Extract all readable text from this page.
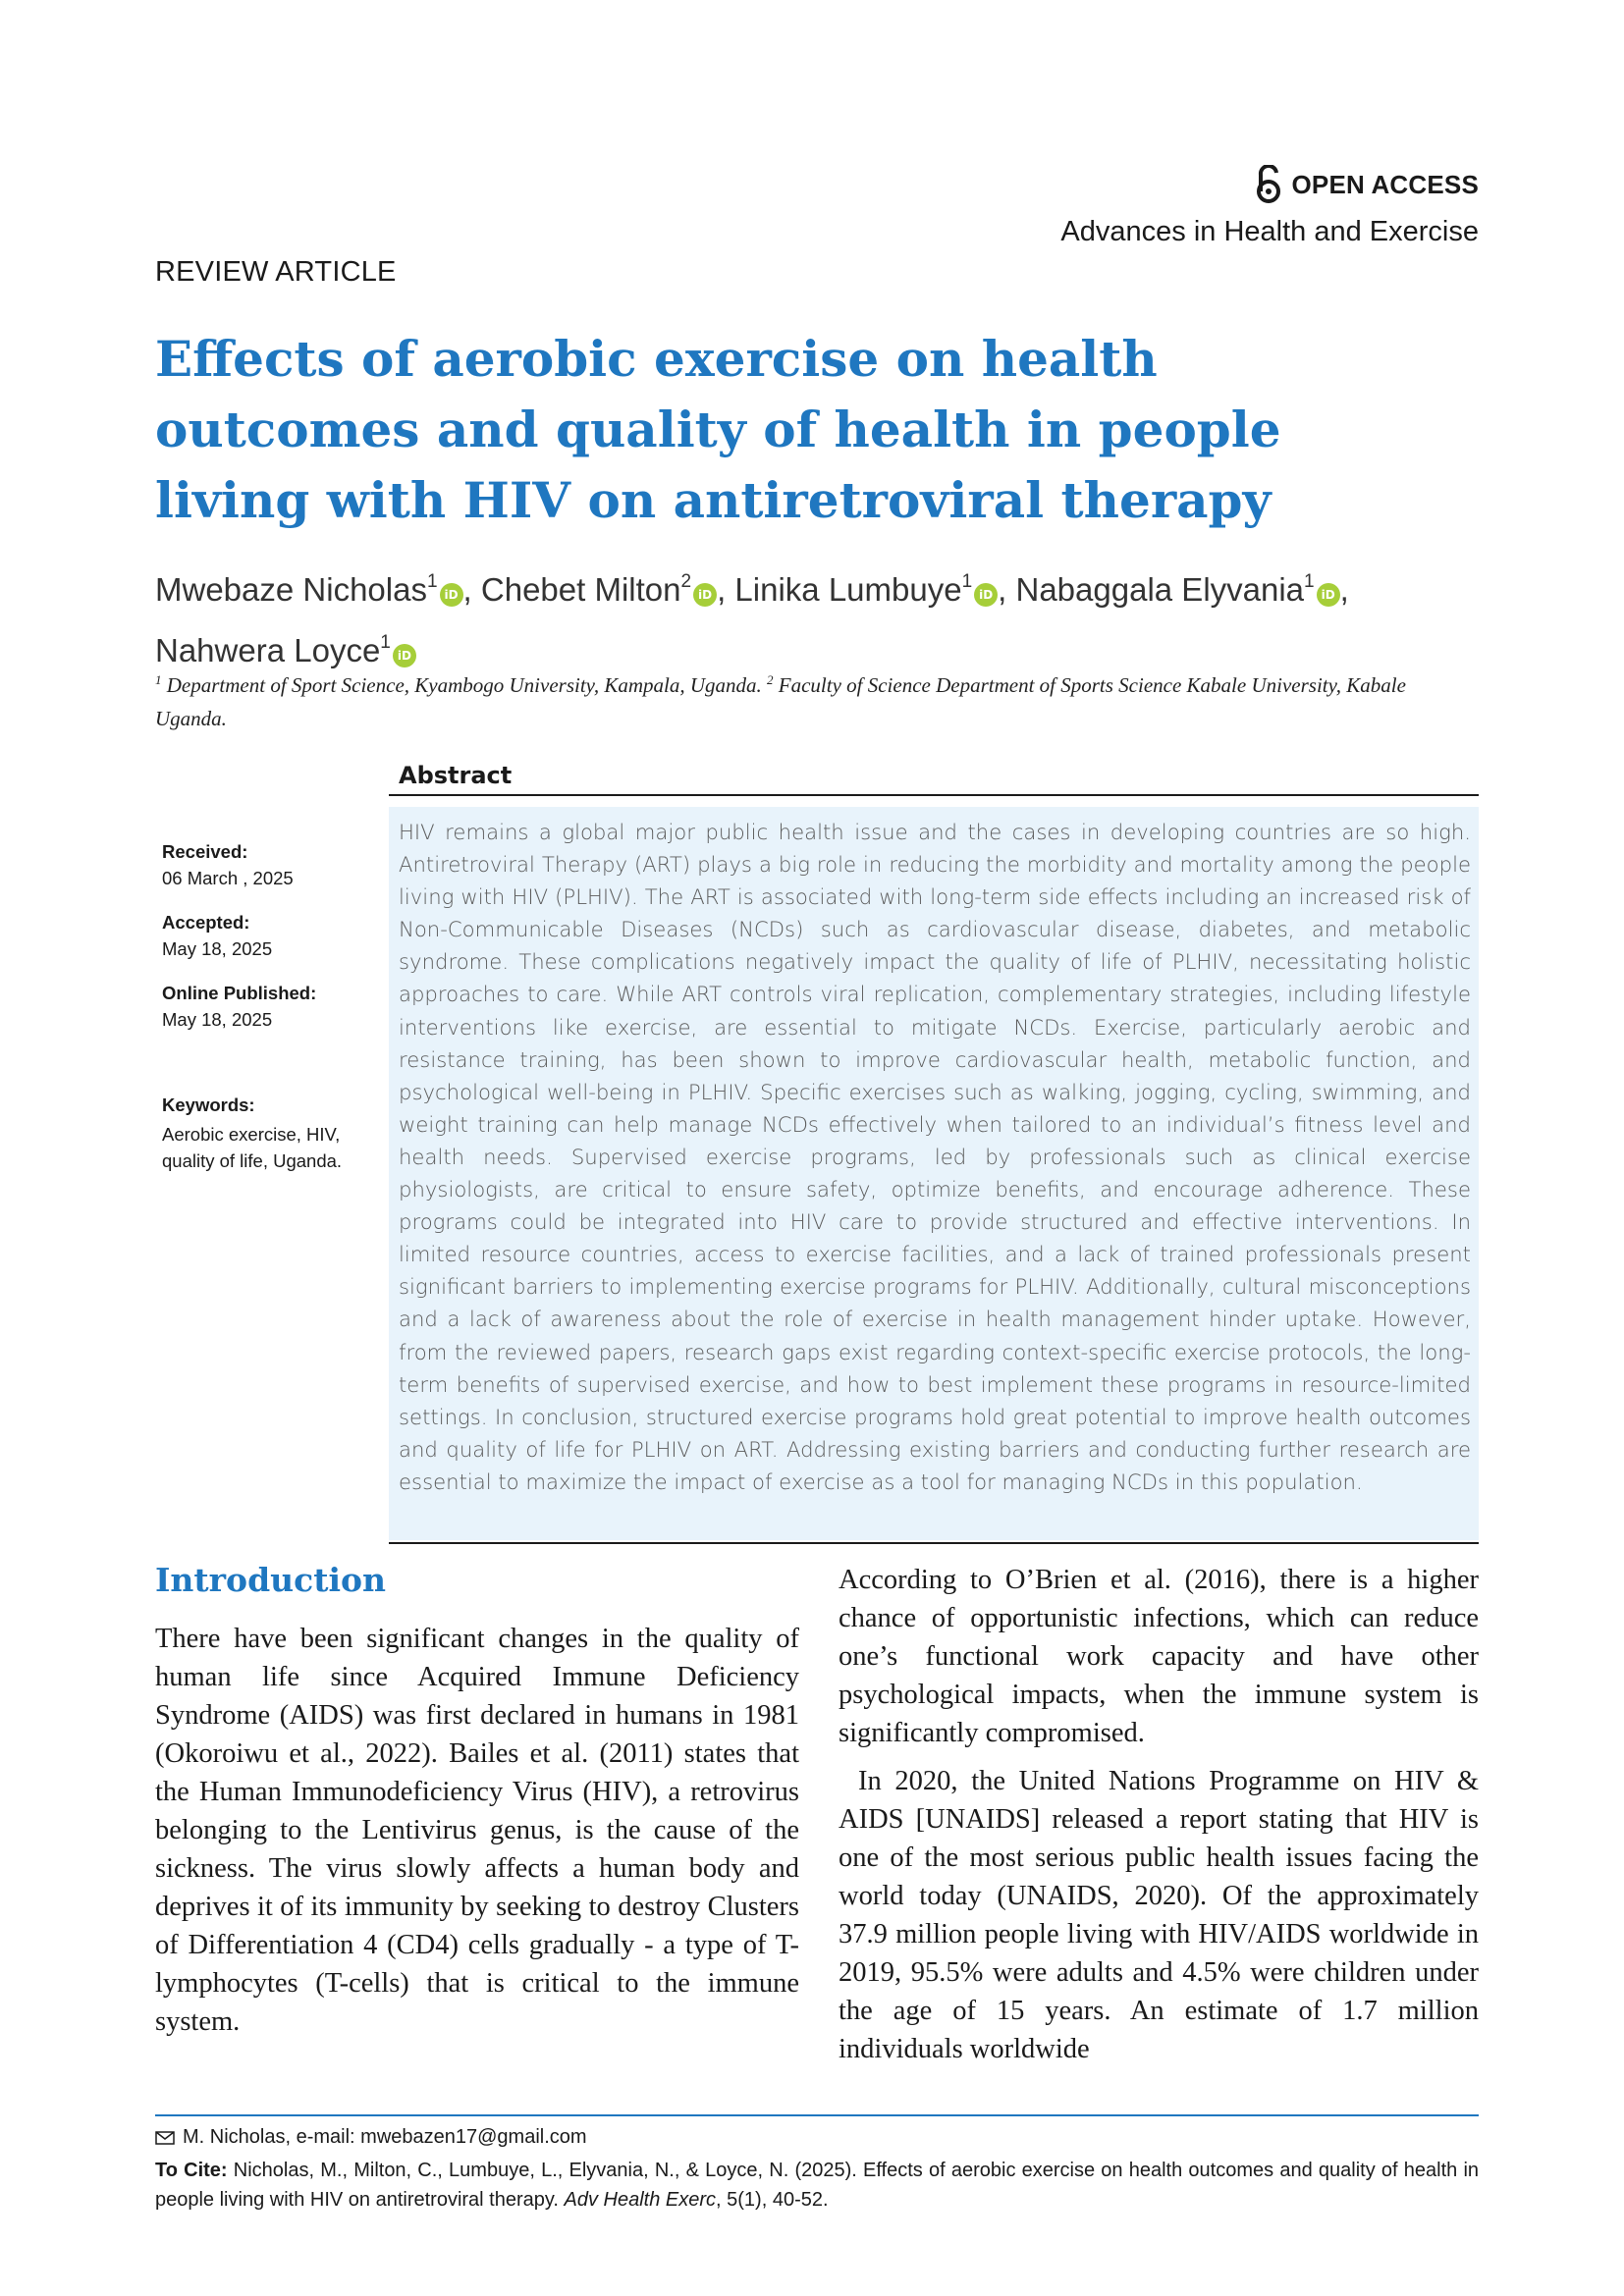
OPEN ACCESS
Advances in Health and Exercise
REVIEW ARTICLE
Effects of aerobic exercise on health outcomes and quality of health in people living with HIV on antiretroviral therapy
Mwebaze Nicholas$^1$iD , Chebet Milton$^2$iD , Linika Lumbuye$^1$iD , Nabaggala Elyvania$^1$iD ,
Nahwera Loyce$^1$iD
$^1$ Department of Sport Science, Kyambogo University, Kampala, Uganda. $^2$ Faculty of Science Department of Sports Science Kabale University, Kabale Uganda.
Received:
06 March , 2025
Accepted:
May 18, 2025
Online Published:
May 18, 2025
Keywords:
Aerobic exercise, HIV, quality of life, Uganda.
Abstract
HIV remains a global major public health issue and the cases in developing countries are so high. Antiretroviral Therapy (ART) plays a big role in reducing the morbidity and mortality among the people living with HIV (PLHIV). The ART is associated with long-term side effects including an increased risk of Non-Communicable Diseases (NCDs) such as cardiovascular disease, diabetes, and metabolic syndrome. These complications negatively impact the quality of life of PLHIV, necessitating holistic approaches to care. While ART controls viral replication, complementary strategies, including lifestyle interventions like exercise, are essential to mitigate NCDs. Exercise, particularly aerobic and resistance training, has been shown to improve cardiovascular health, metabolic function, and psychological well-being in PLHIV. Specific exercises such as walking, jogging, cycling, swimming, and weight training can help manage NCDs effectively when tailored to an individual’s fitness level and health needs. Supervised exercise programs, led by professionals such as clinical exercise physiologists, are critical to ensure safety, optimize benefits, and encourage adherence. These programs could be integrated into HIV care to provide structured and effective interventions. In limited resource countries, access to exercise facilities, and a lack of trained professionals present significant barriers to implementing exercise programs for PLHIV. Additionally, cultural misconceptions and a lack of awareness about the role of exercise in health management hinder uptake. However, from the reviewed papers, research gaps exist regarding context-specific exercise protocols, the long-term benefits of supervised exercise, and how to best implement these programs in resource-limited settings. In conclusion, structured exercise programs hold great potential to improve health outcomes and quality of life for PLHIV on ART. Addressing existing barriers and conducting further research are essential to maximize the impact of exercise as a tool for managing NCDs in this population.
Introduction

There have been significant changes in the quality of human life since Acquired Immune Deficiency Syndrome (AIDS) was first declared in humans in 1981 (Okoroiwu et al., 2022). Bailes et al. (2011) states that the Human Immunodeficiency Virus (HIV), a retrovirus belonging to the Lentivirus genus, is the cause of the sickness. The virus slowly affects a human body and deprives it of its immunity by seeking to destroy Clusters of Differentiation 4 (CD4) cells gradually - a type of T-lymphocytes (T-cells) that is critical to the immune system.

According to O’Brien et al. (2016), there is a higher chance of opportunistic infections, which can reduce one’s functional work capacity and have other psychological impacts, when the immune system is significantly compromised.

In 2020, the United Nations Programme on HIV & AIDS [UNAIDS] released a report stating that HIV is one of the most serious public health issues facing the world today (UNAIDS, 2020). Of the approximately 37.9 million people living with HIV/AIDS worldwide in 2019, 95.5% were adults and 4.5% were children under the age of 15 years. An estimate of 1.7 million individuals worldwide

M. Nicholas, e-mail: mwebazen17@gmail.com
To Cite: Nicholas, M., Milton, C., Lumbuye, L., Elyvania, N., & Loyce, N. (2025). Effects of aerobic exercise on health outcomes and quality of health in people living with HIV on antiretroviral therapy. Adv Health Exerc, 5(1), 40-52.
